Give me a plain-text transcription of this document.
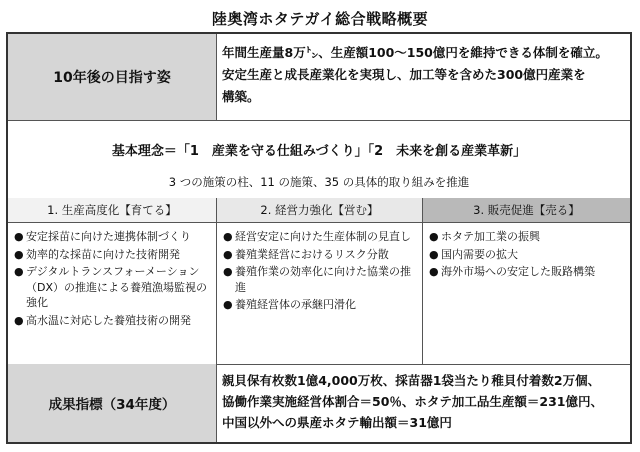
陸奥湾ホタテガイ総合戦略概要
10年後の目指す姿
年間生産量8万㌧、生産額100～150億円を維持できる体制を確立。
安定生産と成長産業化を実現し、加工等を含めた300億円産業を
構築。
基本理念＝「1　産業を守る仕組みづくり」「2　未来を創る産業革新」
3 つの施策の柱、11 の施策、35 の具体的取り組みを推進
1. 生産高度化【育てる】
● 安定採苗に向けた連携体制づくり
● 効率的な採苗に向けた技術開発
● デジタルトランスフォーメーション（DX）の推進による養殖漁場監視の強化
● 高水温に対応した養殖技術の開発
2. 経営力強化【営む】
● 経営安定に向けた生産体制の見直し
● 養殖業経営におけるリスク分散
● 養殖作業の効率化に向けた協業の推進
● 養殖経営体の承継円滑化
3. 販売促進【売る】
● ホタテ加工業の振興
● 国内需要の拡大
● 海外市場への安定した販路構築
成果指標（34年度）
親貝保有枚数1億4,000万枚、採苗器1袋当たり稚貝付着数2万個、
協働作業実施経営体割合＝50％、ホタテ加工品生産額＝231億円、
中国以外への県産ホタテ輸出額＝31億円
